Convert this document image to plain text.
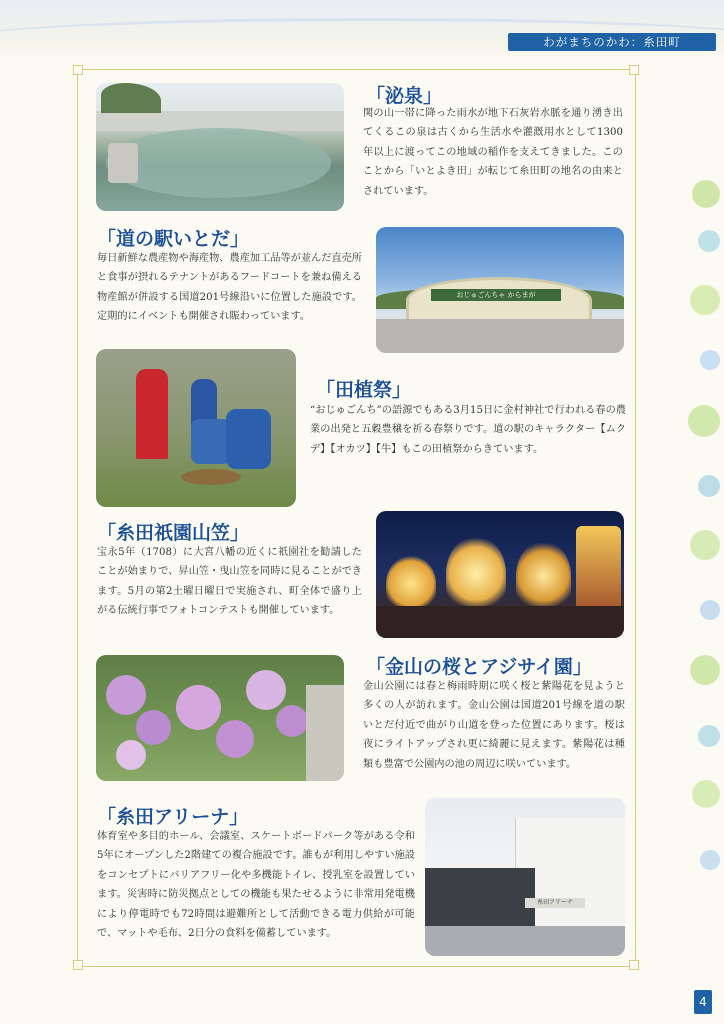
わがまちのかわ：糸田町
「泌泉」
関の山一帯に降った雨水が地下石灰岩水脈を通り湧き出てくるこの泉は古くから生活水や灌漑用水として1300年以上に渡ってこの地域の稲作を支えてきました。このことから「いとよき田」が転じて糸田町の地名の由来とされています。
「道の駅いとだ」
毎日新鮮な農産物や海産物、農産加工品等が並んだ直売所と食事が摂れるテナントがあるフードコートを兼ね備える物産館が併設する国道201号線沿いに位置した施設です。定期的にイベントも開催され賑わっています。
おじゅごんちゃ からまが
「田植祭」
“おじゅごんち”の語源でもある3月15日に金村神社で行われる春の農業の出発と五穀豊穣を祈る春祭りです。道の駅のキャラクター【ムクデ】【オカツ】【牛】もこの田植祭からきています。
「糸田祇園山笠」
宝永5年（1708）に大宮八幡の近くに祇園社を勧請したことが始まりで、昇山笠・曳山笠を同時に見ることができます。5月の第2土曜日曜日で実施され、町全体で盛り上がる伝統行事でフォトコンテストも開催しています。
「金山の桜とアジサイ園」
金山公園には春と梅雨時期に咲く桜と紫陽花を見ようと多くの人が訪れます。金山公園は国道201号線を道の駅いとだ付近で曲がり山道を登った位置にあります。桜は夜にライトアップされ更に綺麗に見えます。紫陽花は種類も豊富で公園内の池の周辺に咲いています。
「糸田アリーナ」
体育室や多目的ホール、会議室、スケートボードパーク等がある令和5年にオープンした2階建ての複合施設です。誰もが利用しやすい施設をコンセプトにバリアフリー化や多機能トイレ、授乳室を設置しています。災害時に防災拠点としての機能も果たせるように非常用発電機により停電時でも72時間は避難所として活動できる電力供給が可能で、マットや毛布、2日分の食料を備蓄しています。
糸田アリーナ
4
